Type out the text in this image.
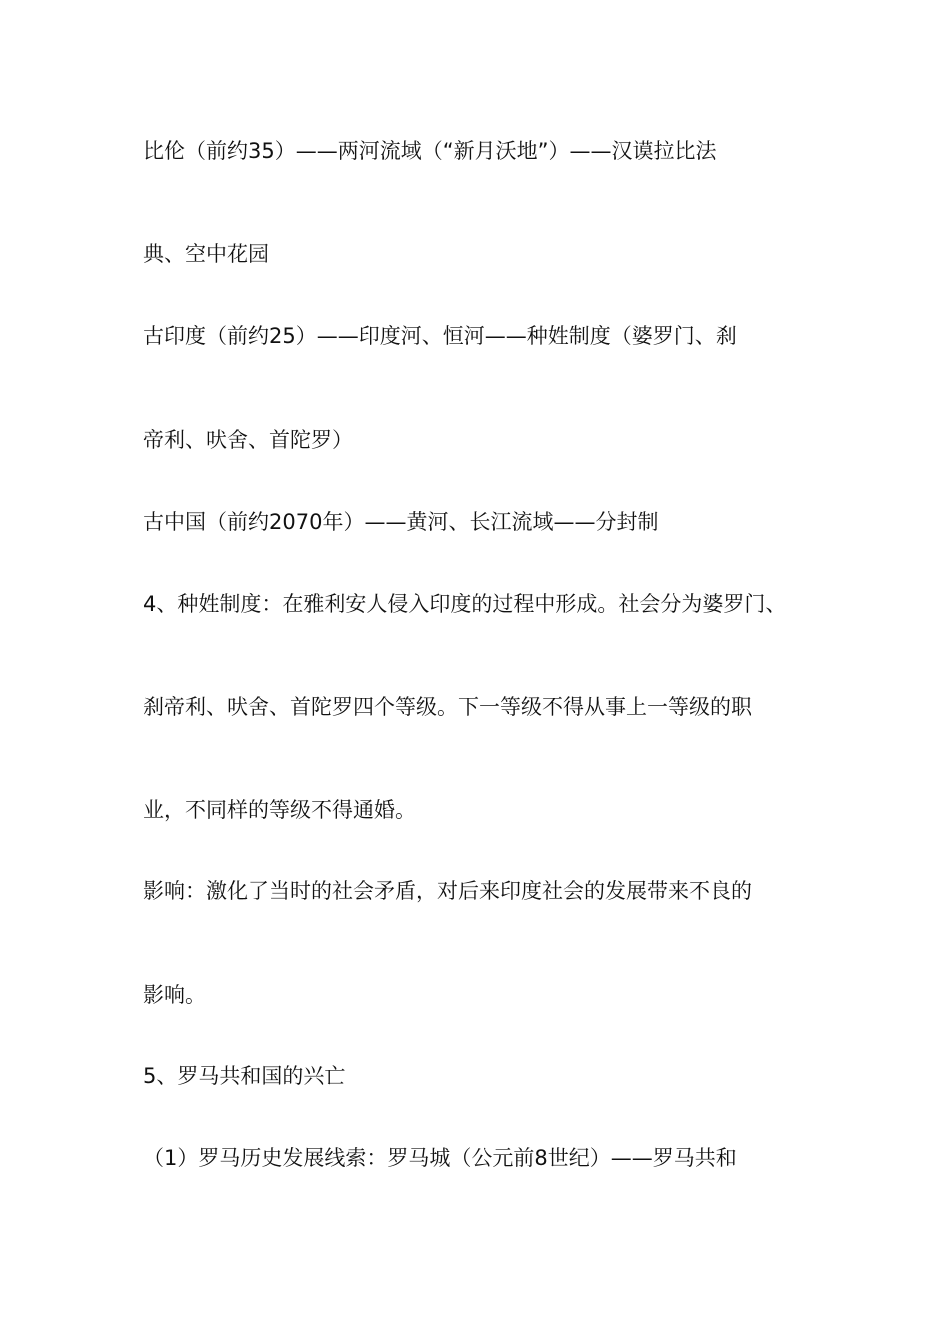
比伦（前约35）——两河流域（“新月沃地”）——汉谟拉比法
典、空中花园
古印度（前约25）——印度河、恒河——种姓制度（婆罗门、刹
帝利、吠舍、首陀罗）
古中国（前约2070年）——黄河、长江流域——分封制
4、种姓制度：在雅利安人侵入印度的过程中形成。社会分为婆罗门、
刹帝利、吠舍、首陀罗四个等级。下一等级不得从事上一等级的职
业，不同样的等级不得通婚。
影响：激化了当时的社会矛盾，对后来印度社会的发展带来不良的
影响。
5、罗马共和国的兴亡
（1）罗马历史发展线索：罗马城（公元前8世纪）——罗马共和
